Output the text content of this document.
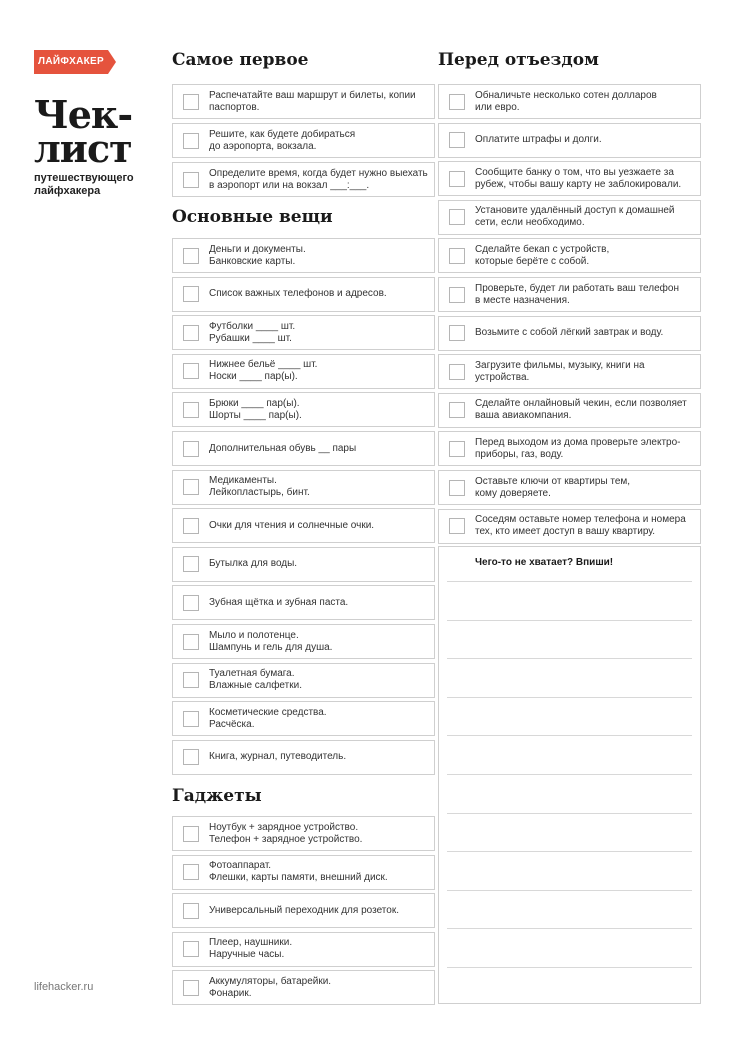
ЛАЙФХАКЕР
Чек-
лист
путешествующего
лайфхакера
lifehacker.ru
Самое первое
Распечатайте ваш маршрут и билеты, копии
паспортов.
Решите, как будете добираться
до аэропорта, вокзала.
Определите время, когда будет нужно выехать
в аэропорт или на вокзал ___:___.
Основные вещи
Деньги и документы.
Банковские карты.
Список важных телефонов и адресов.
Футболки ____ шт.
Рубашки ____ шт.
Нижнее бельё ____ шт.
Носки ____ пар(ы).
Брюки ____ пар(ы).
Шорты ____ пар(ы).
Дополнительная обувь __ пары
Медикаменты.
Лейкопластырь, бинт.
Очки для чтения и солнечные очки.
Бутылка для воды.
Зубная щётка и зубная паста.
Мыло и полотенце.
Шампунь и гель для душа.
Туалетная бумага.
Влажные салфетки.
Косметические средства.
Расчёска.
Книга, журнал, путеводитель.
Гаджеты
Ноутбук + зарядное устройство.
Телефон + зарядное устройство.
Фотоаппарат.
Флешки, карты памяти, внешний диск.
Универсальный переходник для розеток.
Плеер, наушники.
Наручные часы.
Аккумуляторы, батарейки.
Фонарик.
Перед отъездом
Обналичьте несколько сотен долларов
или евро.
Оплатите штрафы и долги.
Сообщите банку о том, что вы уезжаете за
рубеж, чтобы вашу карту не заблокировали.
Установите удалённый доступ к домашней
сети, если необходимо.
Сделайте бекап с устройств,
которые берёте с собой.
Проверьте, будет ли работать ваш телефон
в месте назначения.
Возьмите с собой лёгкий завтрак и воду.
Загрузите фильмы, музыку, книги на устройства.
Сделайте онлайновый чекин, если позволяет
ваша авиакомпания.
Перед выходом из дома проверьте электро-
приборы, газ, воду.
Оставьте ключи от квартиры тем,
кому доверяете.
Соседям оставьте номер телефона и номера
тех, кто имеет доступ в вашу квартиру.
Чего-то не хватает? Впиши!
